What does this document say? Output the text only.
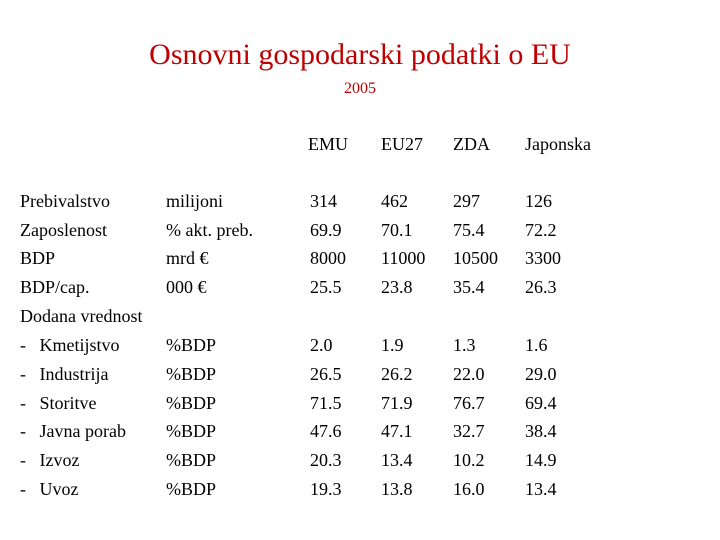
Osnovni gospodarski podatki o EU
2005
EMU EU27 ZDA Japonska
Prebivalstvo	milijoni	314 462	297	126
Zaposlenost	% akt. preb.	69.9 70.1 75.4 72.2
BDP	mrd €	8000 11000 10500 3300
BDP/cap.	000 €	25.5 23.8 35.4 26.3
Dodana vrednost
-   Kmetijstvo	%BDP	2.0	1.9	1.3	1.6
-   Industrija	%BDP	26.5 26.2 22.0 29.0
-   Storitve	%BDP	71.5 71.9 76.7 69.4
-   Javna porab %BDP	47.6 47.1 32.7 38.4
-   Izvoz	%BDP	20.3 13.4 10.2 14.9
-   Uvoz	%BDP	19.3 13.8 16.0 13.4
